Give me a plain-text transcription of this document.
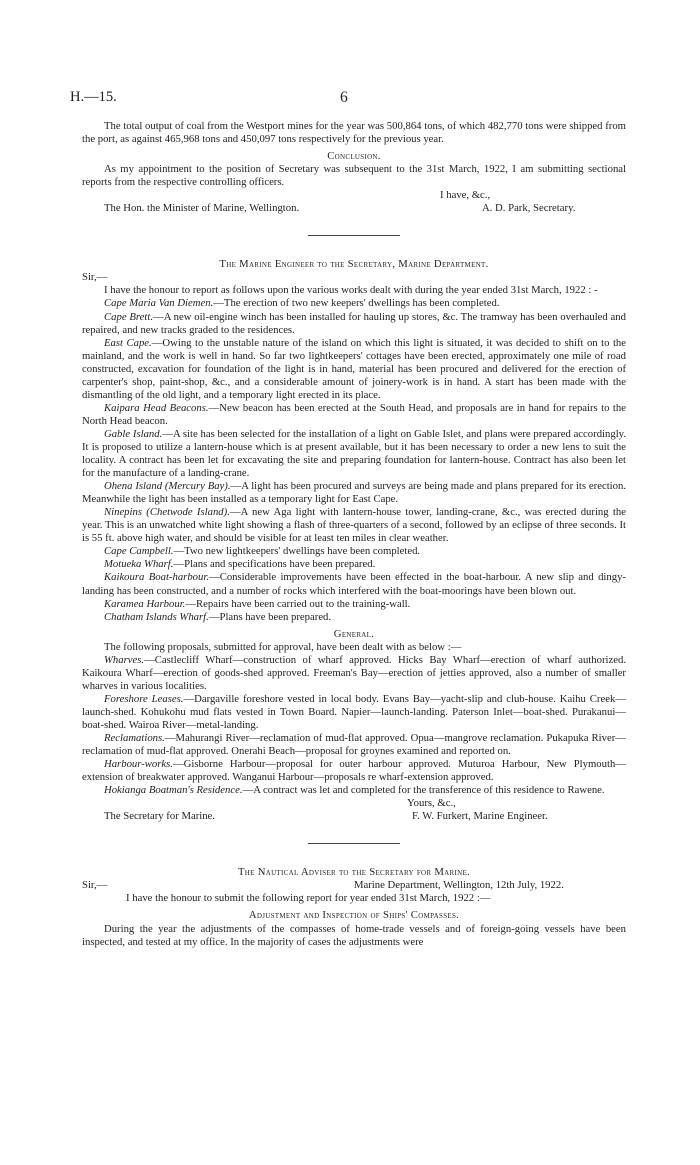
H.—15.	6

The total output of coal from the Westport mines for the year was 500,864 tons, of which 482,770 tons were shipped from the port, as against 465,968 tons and 450,097 tons respectively for the previous year.

Conclusion.

As my appointment to the position of Secretary was subsequent to the 31st March, 1922, I am submitting sectional reports from the respective controlling officers.

I have, &c.,
The Hon. the Minister of Marine, Wellington.	A. D. Park, Secretary.

The Marine Engineer to the Secretary, Marine Department.

Sir,—

I have the honour to report as follows upon the various works dealt with during the year ended 31st March, 1922 : -

Cape Maria Van Diemen.—The erection of two new keepers' dwellings has been completed.

Cape Brett.—A new oil-engine winch has been installed for hauling up stores, &c. The tramway has been overhauled and repaired, and new tracks graded to the residences.

East Cape.—Owing to the unstable nature of the island on which this light is situated, it was decided to shift on to the mainland, and the work is well in hand. So far two lightkeepers' cottages have been erected, approximately one mile of road constructed, excavation for foundation of the light is in hand, material has been procured and delivered for the erection of carpenter's shop, paint-shop, &c., and a considerable amount of joinery-work is in hand. A start has been made with the dismantling of the old light, and a temporary light erected in its place.

Kaipara Head Beacons.—New beacon has been erected at the South Head, and proposals are in hand for repairs to the North Head beacon.

Gable Island.—A site has been selected for the installation of a light on Gable Islet, and plans were prepared accordingly. It is proposed to utilize a lantern-house which is at present available, but it has been necessary to order a new lens to suit the locality. A contract has been let for excavating the site and preparing foundation for lantern-house. Contract has also been let for the manufacture of a landing-crane.

Ohena Island (Mercury Bay).—A light has been procured and surveys are being made and plans prepared for its erection. Meanwhile the light has been installed as a temporary light for East Cape.

Ninepins (Chetwode Island).—A new Aga light with lantern-house tower, landing-crane, &c., was erected during the year. This is an unwatched white light showing a flash of three-quarters of a second, followed by an eclipse of three seconds. It is 55 ft. above high water, and should be visible for at least ten miles in clear weather.

Cape Campbell.—Two new lightkeepers' dwellings have been completed.

Motueka Wharf.—Plans and specifications have been prepared.

Kaikoura Boat-harbour.—Considerable improvements have been effected in the boat-harbour. A new slip and dingy-landing has been constructed, and a number of rocks which interfered with the boat-moorings have been blown out.

Karamea Harbour.—Repairs have been carried out to the training-wall.

Chatham Islands Wharf.—Plans have been prepared.

General.

The following proposals, submitted for approval, have been dealt with as below :—

Wharves.—Castlecliff Wharf—construction of wharf approved. Hicks Bay Wharf—erection of wharf authorized. Kaikoura Wharf—erection of goods-shed approved. Freeman's Bay—erection of jetties approved, also a number of smaller wharves in various localities.

Foreshore Leases.—Dargaville foreshore vested in local body. Evans Bay—yacht-slip and club-house. Kaihu Creek—launch-shed. Kohukohu mud flats vested in Town Board. Napier—launch-landing. Paterson Inlet—boat-shed. Purakanui—boat-shed. Wairoa River—metal-landing.

Reclamations.—Mahurangi River—reclamation of mud-flat approved. Opua—mangrove reclamation. Pukapuka River—reclamation of mud-flat approved. Onerahi Beach—proposal for groynes examined and reported on.

Harbour-works.—Gisborne Harbour—proposal for outer harbour approved. Muturoa Harbour, New Plymouth—extension of breakwater approved. Wanganui Harbour—proposals re wharf-extension approved.

Hokianga Boatman's Residence.—A contract was let and completed for the transference of this residence to Rawene.

Yours, &c.,
The Secretary for Marine.	F. W. Furkert, Marine Engineer.

The Nautical Adviser to the Secretary for Marine.

Sir,—	Marine Department, Wellington, 12th July, 1922.

I have the honour to submit the following report for year ended 31st March, 1922 :—

Adjustment and Inspection of Ships' Compasses.

During the year the adjustments of the compasses of home-trade vessels and of foreign-going vessels have been inspected, and tested at my office. In the majority of cases the adjustments were
